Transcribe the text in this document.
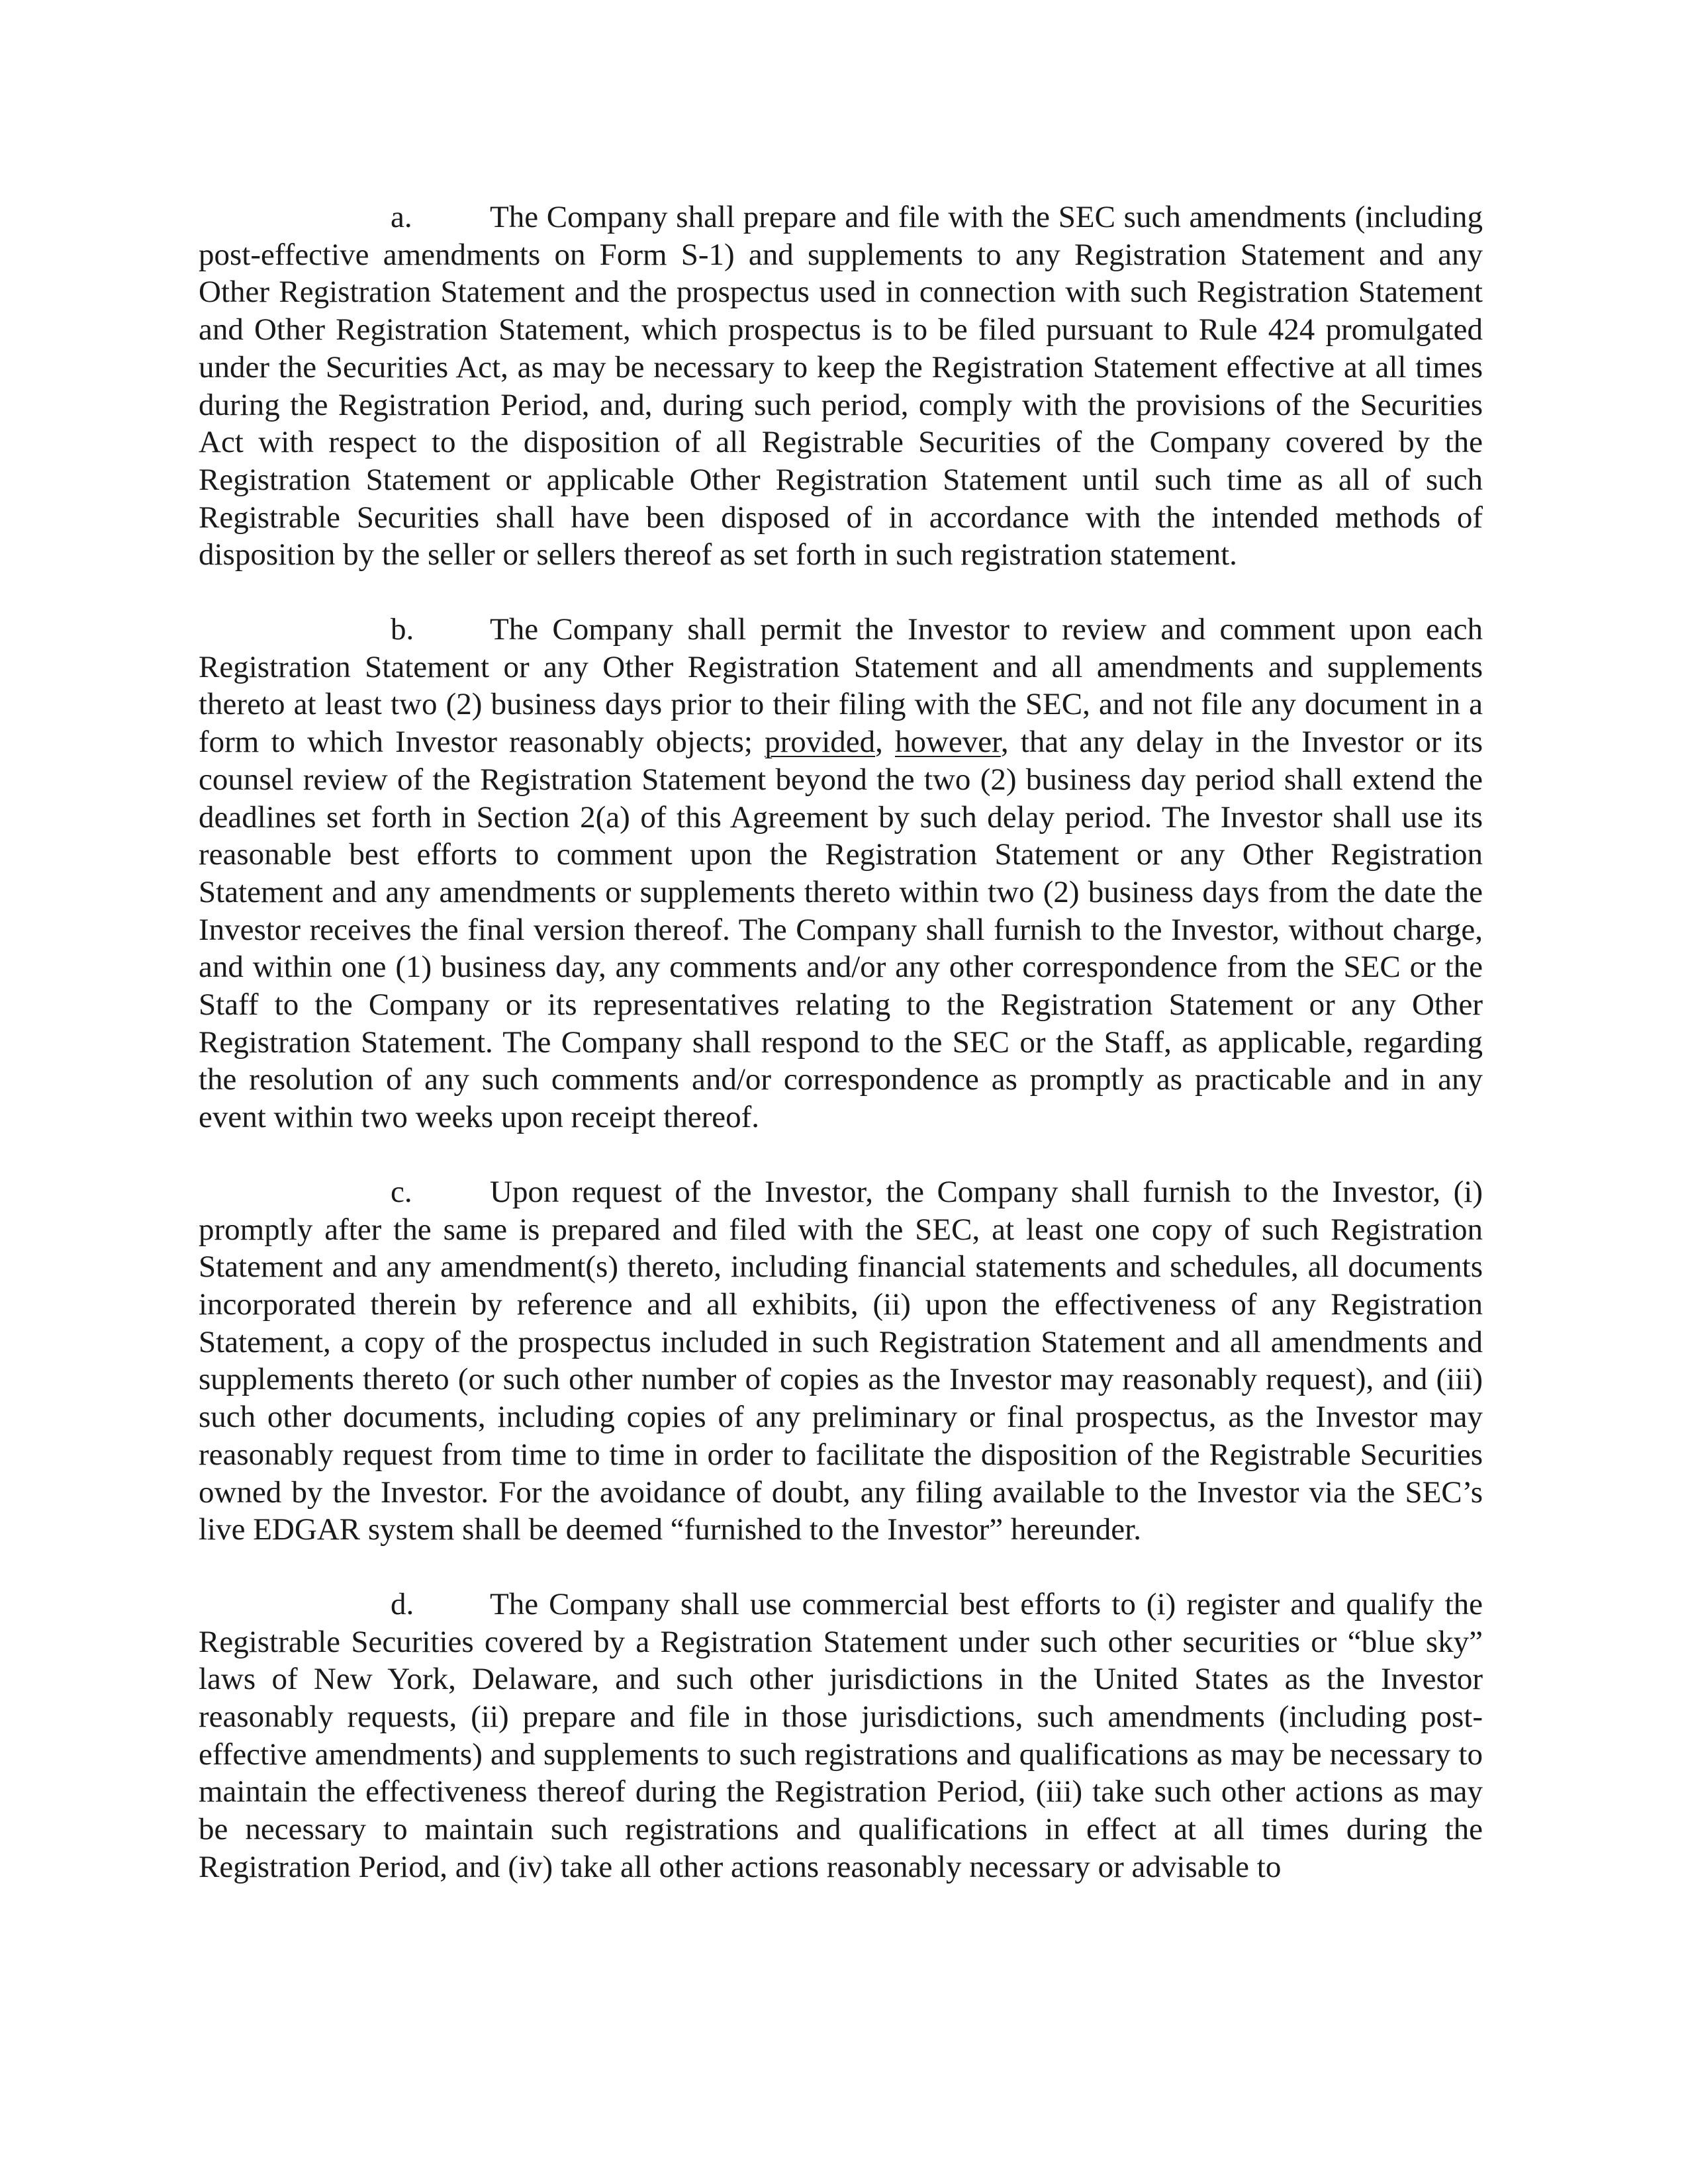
a. The Company shall prepare and file with the SEC such amendments (including post-effective amendments on Form S-1) and supplements to any Registration Statement and any Other Registration Statement and the prospectus used in connection with such Registration Statement and Other Registration Statement, which prospectus is to be filed pursuant to Rule 424 promulgated under the Securities Act, as may be necessary to keep the Registration Statement effective at all times during the Registration Period, and, during such period, comply with the provisions of the Securities Act with respect to the disposition of all Registrable Securities of the Company covered by the Registration Statement or applicable Other Registration Statement until such time as all of such Registrable Securities shall have been disposed of in accordance with the intended methods of disposition by the seller or sellers thereof as set forth in such registration statement.

b. The Company shall permit the Investor to review and comment upon each Registration Statement or any Other Registration Statement and all amendments and supplements thereto at least two (2) business days prior to their filing with the SEC, and not file any document in a form to which Investor reasonably objects; provided, however, that any delay in the Investor or its counsel review of the Registration Statement beyond the two (2) business day period shall extend the deadlines set forth in Section 2(a) of this Agreement by such delay period. The Investor shall use its reasonable best efforts to comment upon the Registration Statement or any Other Registration Statement and any amendments or supplements thereto within two (2) business days from the date the Investor receives the final version thereof. The Company shall furnish to the Investor, without charge, and within one (1) business day, any comments and/or any other correspondence from the SEC or the Staff to the Company or its representatives relating to the Registration Statement or any Other Registration Statement. The Company shall respond to the SEC or the Staff, as applicable, regarding the resolution of any such comments and/or correspondence as promptly as practicable and in any event within two weeks upon receipt thereof.

c. Upon request of the Investor, the Company shall furnish to the Investor, (i) promptly after the same is prepared and filed with the SEC, at least one copy of such Registration Statement and any amendment(s) thereto, including financial statements and schedules, all documents incorporated therein by reference and all exhibits, (ii) upon the effectiveness of any Registration Statement, a copy of the prospectus included in such Registration Statement and all amendments and supplements thereto (or such other number of copies as the Investor may reasonably request), and (iii) such other documents, including copies of any preliminary or final prospectus, as the Investor may reasonably request from time to time in order to facilitate the disposition of the Registrable Securities owned by the Investor. For the avoidance of doubt, any filing available to the Investor via the SEC’s live EDGAR system shall be deemed “furnished to the Investor” hereunder.

d. The Company shall use commercial best efforts to (i) register and qualify the Registrable Securities covered by a Registration Statement under such other securities or “blue sky” laws of New York, Delaware, and such other jurisdictions in the United States as the Investor reasonably requests, (ii) prepare and file in those jurisdictions, such amendments (including post-effective amendments) and supplements to such registrations and qualifications as may be necessary to maintain the effectiveness thereof during the Registration Period, (iii) take such other actions as may be necessary to maintain such registrations and qualifications in effect at all times during the Registration Period, and (iv) take all other actions reasonably necessary or advisable to
